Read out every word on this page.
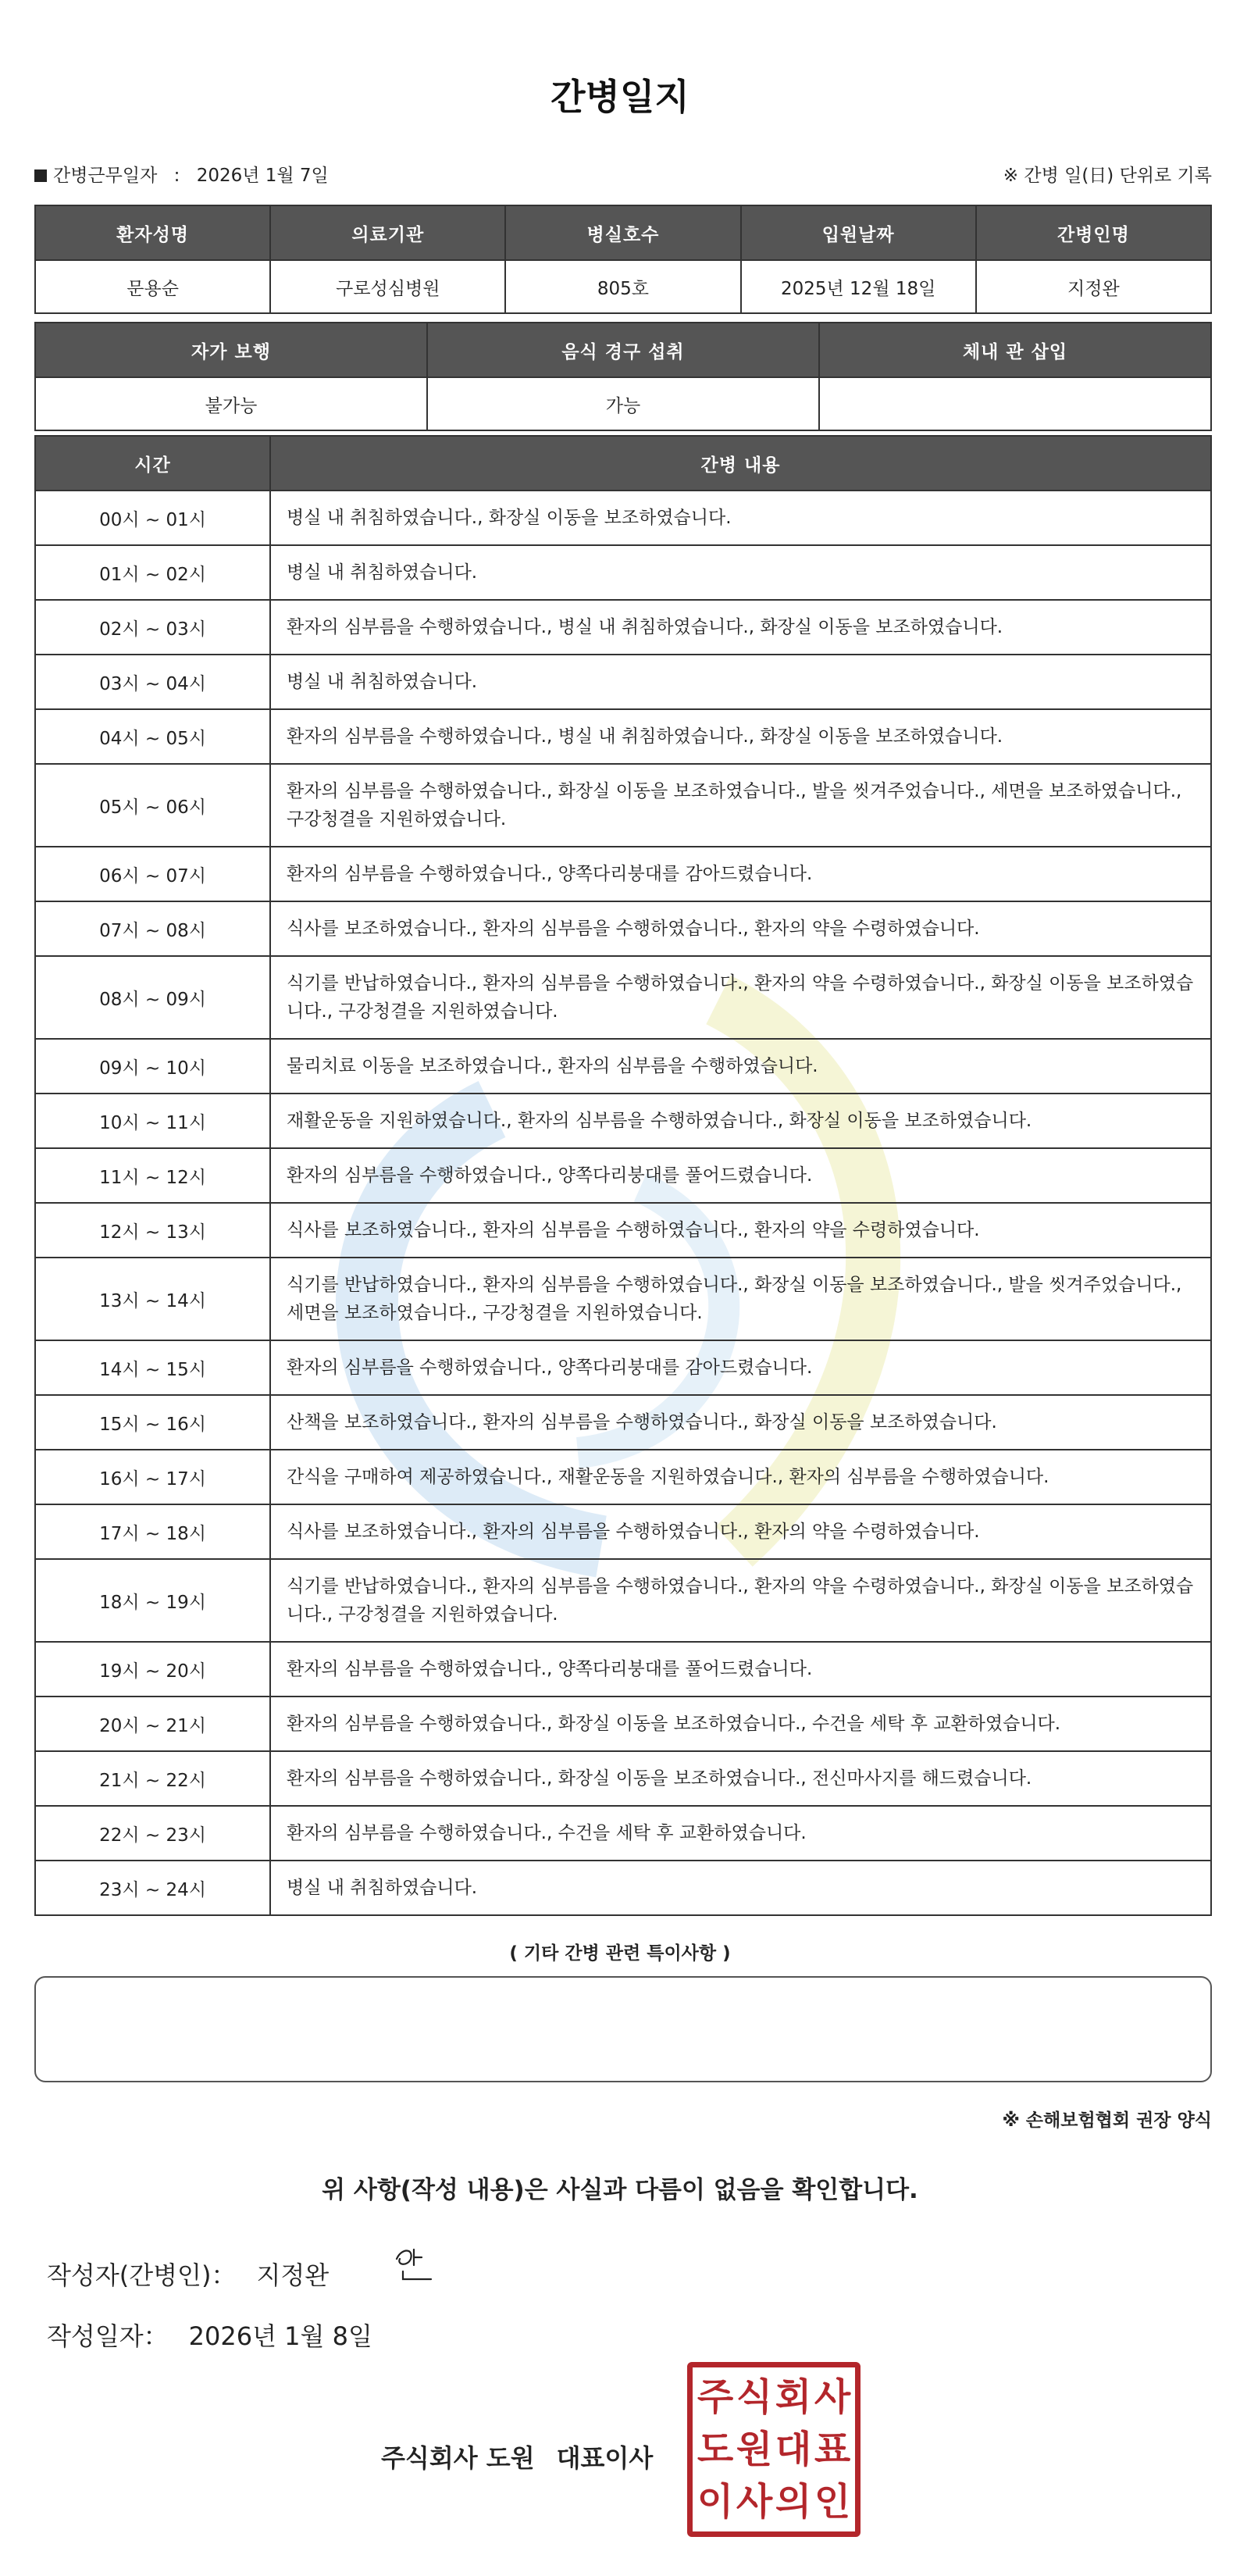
간병일지
간병근무일자 : 2026년 1월 7일	※ 간병 일(日) 단위로 기록
환자성명	의료기관	병실호수	입원날짜	간병인명
문용순	구로성심병원	805호	2025년 12월 18일	지정완
자가 보행	음식 경구 섭취	체내 관 삽입
불가능	가능	
시간	간병 내용
00시 ~ 01시	병실 내 취침하였습니다., 화장실 이동을 보조하였습니다.
01시 ~ 02시	병실 내 취침하였습니다.
02시 ~ 03시	환자의 심부름을 수행하였습니다., 병실 내 취침하였습니다., 화장실 이동을 보조하였습니다.
03시 ~ 04시	병실 내 취침하였습니다.
04시 ~ 05시	환자의 심부름을 수행하였습니다., 병실 내 취침하였습니다., 화장실 이동을 보조하였습니다.
05시 ~ 06시	환자의 심부름을 수행하였습니다., 화장실 이동을 보조하였습니다., 발을 씻겨주었습니다., 세면을 보조하였습니다., 구강청결을 지원하였습니다.
06시 ~ 07시	환자의 심부름을 수행하였습니다., 양쪽다리붕대를 감아드렸습니다.
07시 ~ 08시	식사를 보조하였습니다., 환자의 심부름을 수행하였습니다., 환자의 약을 수령하였습니다.
08시 ~ 09시	식기를 반납하였습니다., 환자의 심부름을 수행하였습니다., 환자의 약을 수령하였습니다., 화장실 이동을 보조하였습니다., 구강청결을 지원하였습니다.
09시 ~ 10시	물리치료 이동을 보조하였습니다., 환자의 심부름을 수행하였습니다.
10시 ~ 11시	재활운동을 지원하였습니다., 환자의 심부름을 수행하였습니다., 화장실 이동을 보조하였습니다.
11시 ~ 12시	환자의 심부름을 수행하였습니다., 양쪽다리붕대를 풀어드렸습니다.
12시 ~ 13시	식사를 보조하였습니다., 환자의 심부름을 수행하였습니다., 환자의 약을 수령하였습니다.
13시 ~ 14시	식기를 반납하였습니다., 환자의 심부름을 수행하였습니다., 화장실 이동을 보조하였습니다., 발을 씻겨주었습니다., 세면을 보조하였습니다., 구강청결을 지원하였습니다.
14시 ~ 15시	환자의 심부름을 수행하였습니다., 양쪽다리붕대를 감아드렸습니다.
15시 ~ 16시	산책을 보조하였습니다., 환자의 심부름을 수행하였습니다., 화장실 이동을 보조하였습니다.
16시 ~ 17시	간식을 구매하여 제공하였습니다., 재활운동을 지원하였습니다., 환자의 심부름을 수행하였습니다.
17시 ~ 18시	식사를 보조하였습니다., 환자의 심부름을 수행하였습니다., 환자의 약을 수령하였습니다.
18시 ~ 19시	식기를 반납하였습니다., 환자의 심부름을 수행하였습니다., 환자의 약을 수령하였습니다., 화장실 이동을 보조하였습니다., 구강청결을 지원하였습니다.
19시 ~ 20시	환자의 심부름을 수행하였습니다., 양쪽다리붕대를 풀어드렸습니다.
20시 ~ 21시	환자의 심부름을 수행하였습니다., 화장실 이동을 보조하였습니다., 수건을 세탁 후 교환하였습니다.
21시 ~ 22시	환자의 심부름을 수행하였습니다., 화장실 이동을 보조하였습니다., 전신마사지를 해드렸습니다.
22시 ~ 23시	환자의 심부름을 수행하였습니다., 수건을 세탁 후 교환하였습니다.
23시 ~ 24시	병실 내 취침하였습니다.
( 기타 간병 관련 특이사항 )
※ 손해보험협회 권장 양식
위 사항(작성 내용)은 사실과 다름이 없음을 확인합니다.
작성자(간병인)： 지정완
작성일자： 2026년 1월 8일
주식회사 도원 대표이사
주 식 회 사
도 원 대 표
이 사 의 인
